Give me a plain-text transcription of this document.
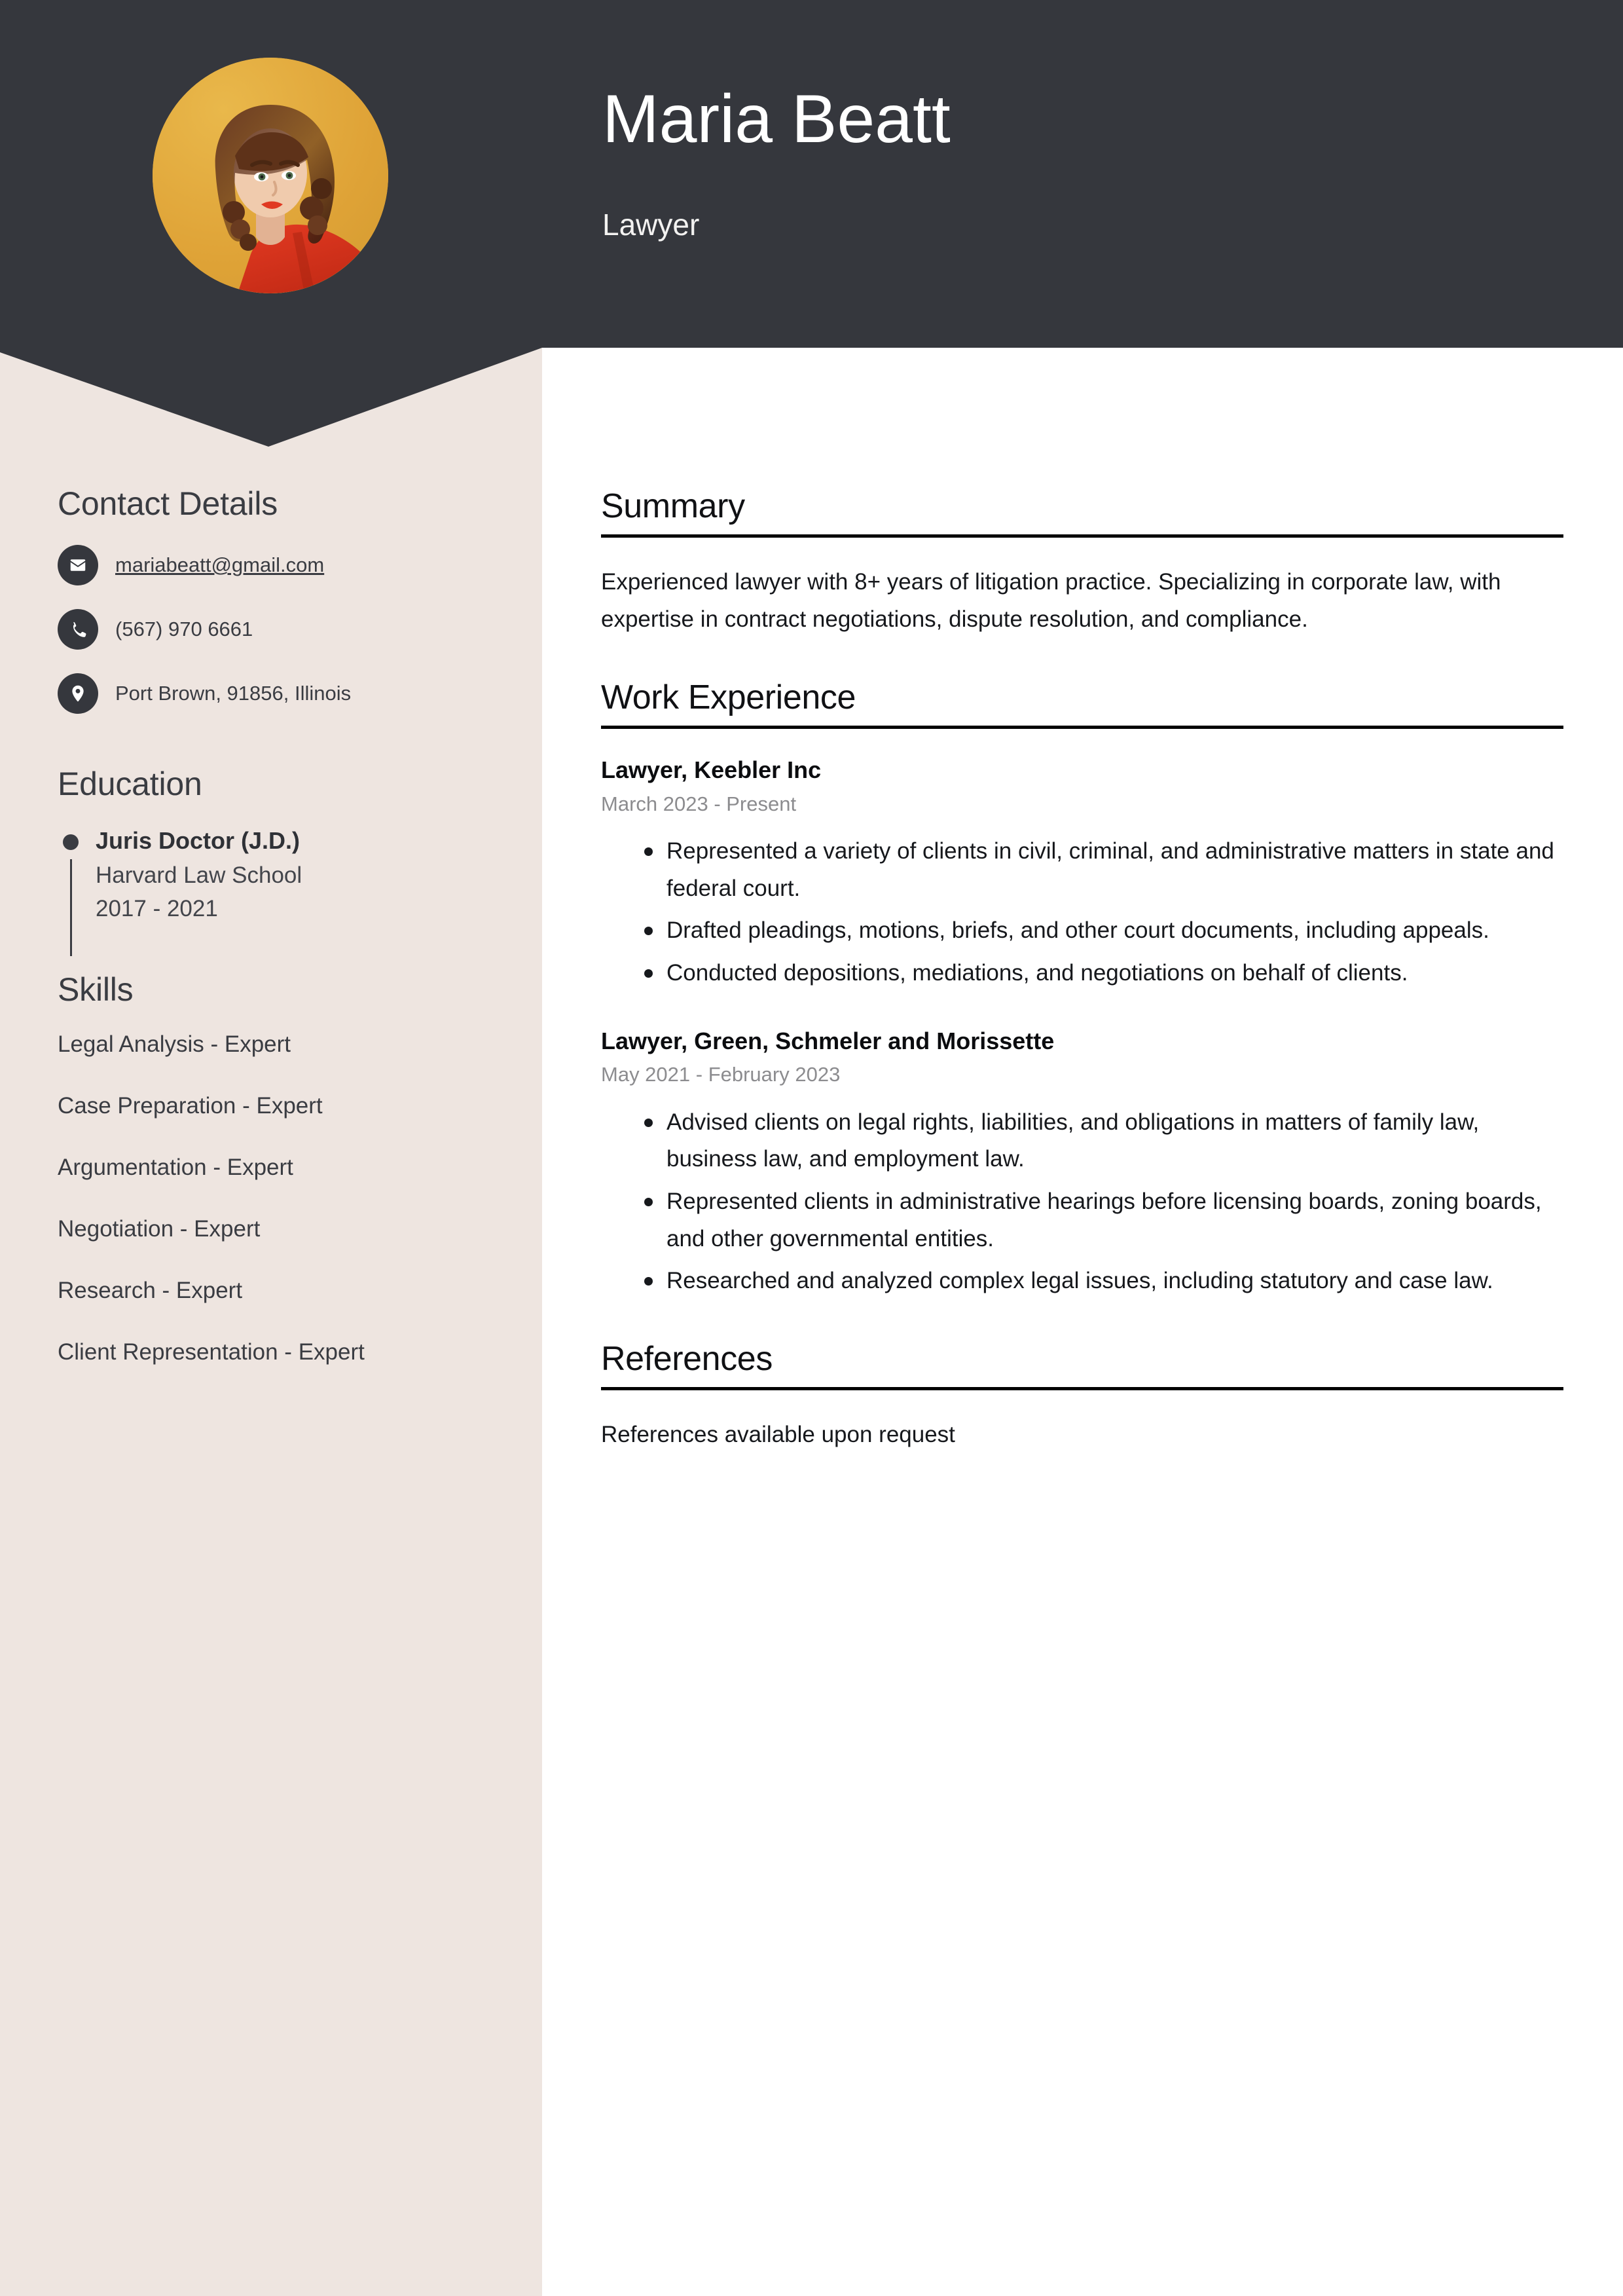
Maria Beatt
Lawyer
Contact Details
mariabeatt@gmail.com
(567) 970 6661
Port Brown, 91856, Illinois
Education
Juris Doctor (J.D.)
Harvard Law School
2017 - 2021
Skills
Legal Analysis - Expert
Case Preparation - Expert
Argumentation - Expert
Negotiation - Expert
Research - Expert
Client Representation - Expert
Summary
Experienced lawyer with 8+ years of litigation practice. Specializing in corporate law, with expertise in contract negotiations, dispute resolution, and compliance.
Work Experience
Lawyer, Keebler Inc
March 2023 - Present
Represented a variety of clients in civil, criminal, and administrative matters in state and federal court.
Drafted pleadings, motions, briefs, and other court documents, including appeals.
Conducted depositions, mediations, and negotiations on behalf of clients.
Lawyer, Green, Schmeler and Morissette
May 2021 - February 2023
Advised clients on legal rights, liabilities, and obligations in matters of family law, business law, and employment law.
Represented clients in administrative hearings before licensing boards, zoning boards, and other governmental entities.
Researched and analyzed complex legal issues, including statutory and case law.
References
References available upon request
